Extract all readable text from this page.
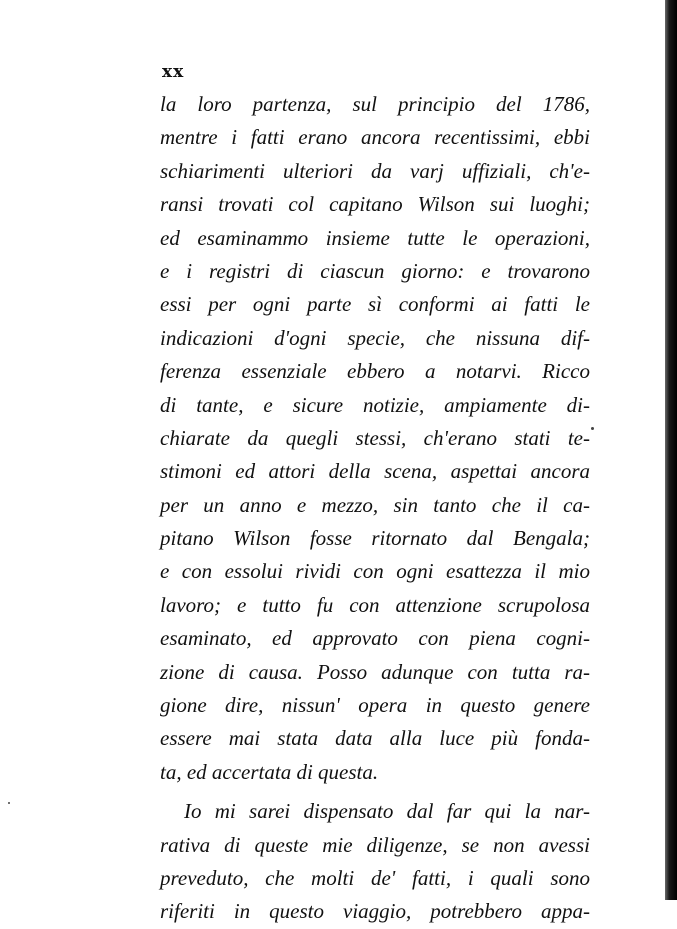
xx
la loro partenza, sul principio del 1786,
mentre i fatti erano ancora recentissimi, ebbi
schiarimenti ulteriori da varj uffiziali, ch'e-
ransi trovati col capitano Wilson sui luoghi;
ed esaminammo insieme tutte le operazioni,
e i registri di ciascun giorno: e trovarono
essi per ogni parte sì conformi ai fatti le
indicazioni d'ogni specie, che nissuna dif-
ferenza essenziale ebbero a notarvi. Ricco
di tante, e sicure notizie, ampiamente di-
chiarate da quegli stessi, ch'erano stati te-
stimoni ed attori della scena, aspettai ancora
per un anno e mezzo, sin tanto che il ca-
pitano Wilson fosse ritornato dal Bengala;
e con essolui rividi con ogni esattezza il mio
lavoro; e tutto fu con attenzione scrupolosa
esaminato, ed approvato con piena cogni-
zione di causa. Posso adunque con tutta ra-
gione dire, nissun' opera in questo genere
essere mai stata data alla luce più fonda-
ta, ed accertata di questa.
Io mi sarei dispensato dal far qui la nar-
rativa di queste mie diligenze, se non avessi
preveduto, che molti de' fatti, i quali sono
riferiti in questo viaggio, potrebbero appa-
